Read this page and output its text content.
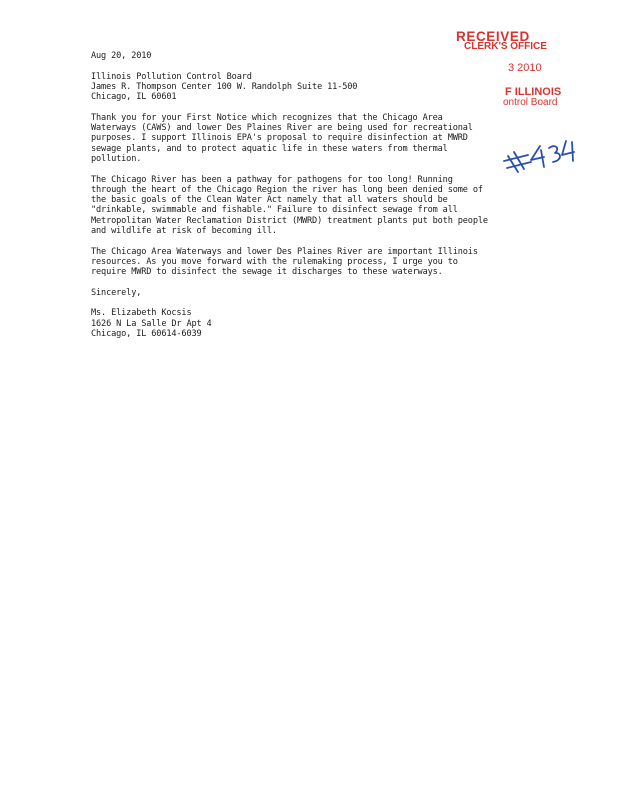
RECEIVED
CLERK'S OFFICE
3 2010
F ILLINOIS
ontrol Board

Aug 20, 2010

Illinois Pollution Control Board

James R. Thompson Center 100 W. Randolph Suite 11-500

Chicago, IL 60601

Thank you for your First Notice which recognizes that the Chicago Area Waterways (CAWS) and lower Des Plaines River are being used for recreational purposes. I support Illinois EPA's proposal to require disinfection at MWRD sewage plants, and to protect aquatic life in these waters from thermal pollution.

The Chicago River has been a pathway for pathogens for too long! Running through the heart of the Chicago Region the river has long been denied some of the basic goals of the Clean Water Act namely that all waters should be "drinkable, swimmable and fishable." Failure to disinfect sewage from all Metropolitan Water Reclamation District (MWRD) treatment plants put both people and wildlife at risk of becoming ill.

The Chicago Area Waterways and lower Des Plaines River are important Illinois resources. As you move forward with the rulemaking process, I urge you to require MWRD to disinfect the sewage it discharges to these waterways.

Sincerely,

Ms. Elizabeth Kocsis

1626 N La Salle Dr Apt 4

Chicago, IL 60614-6039
